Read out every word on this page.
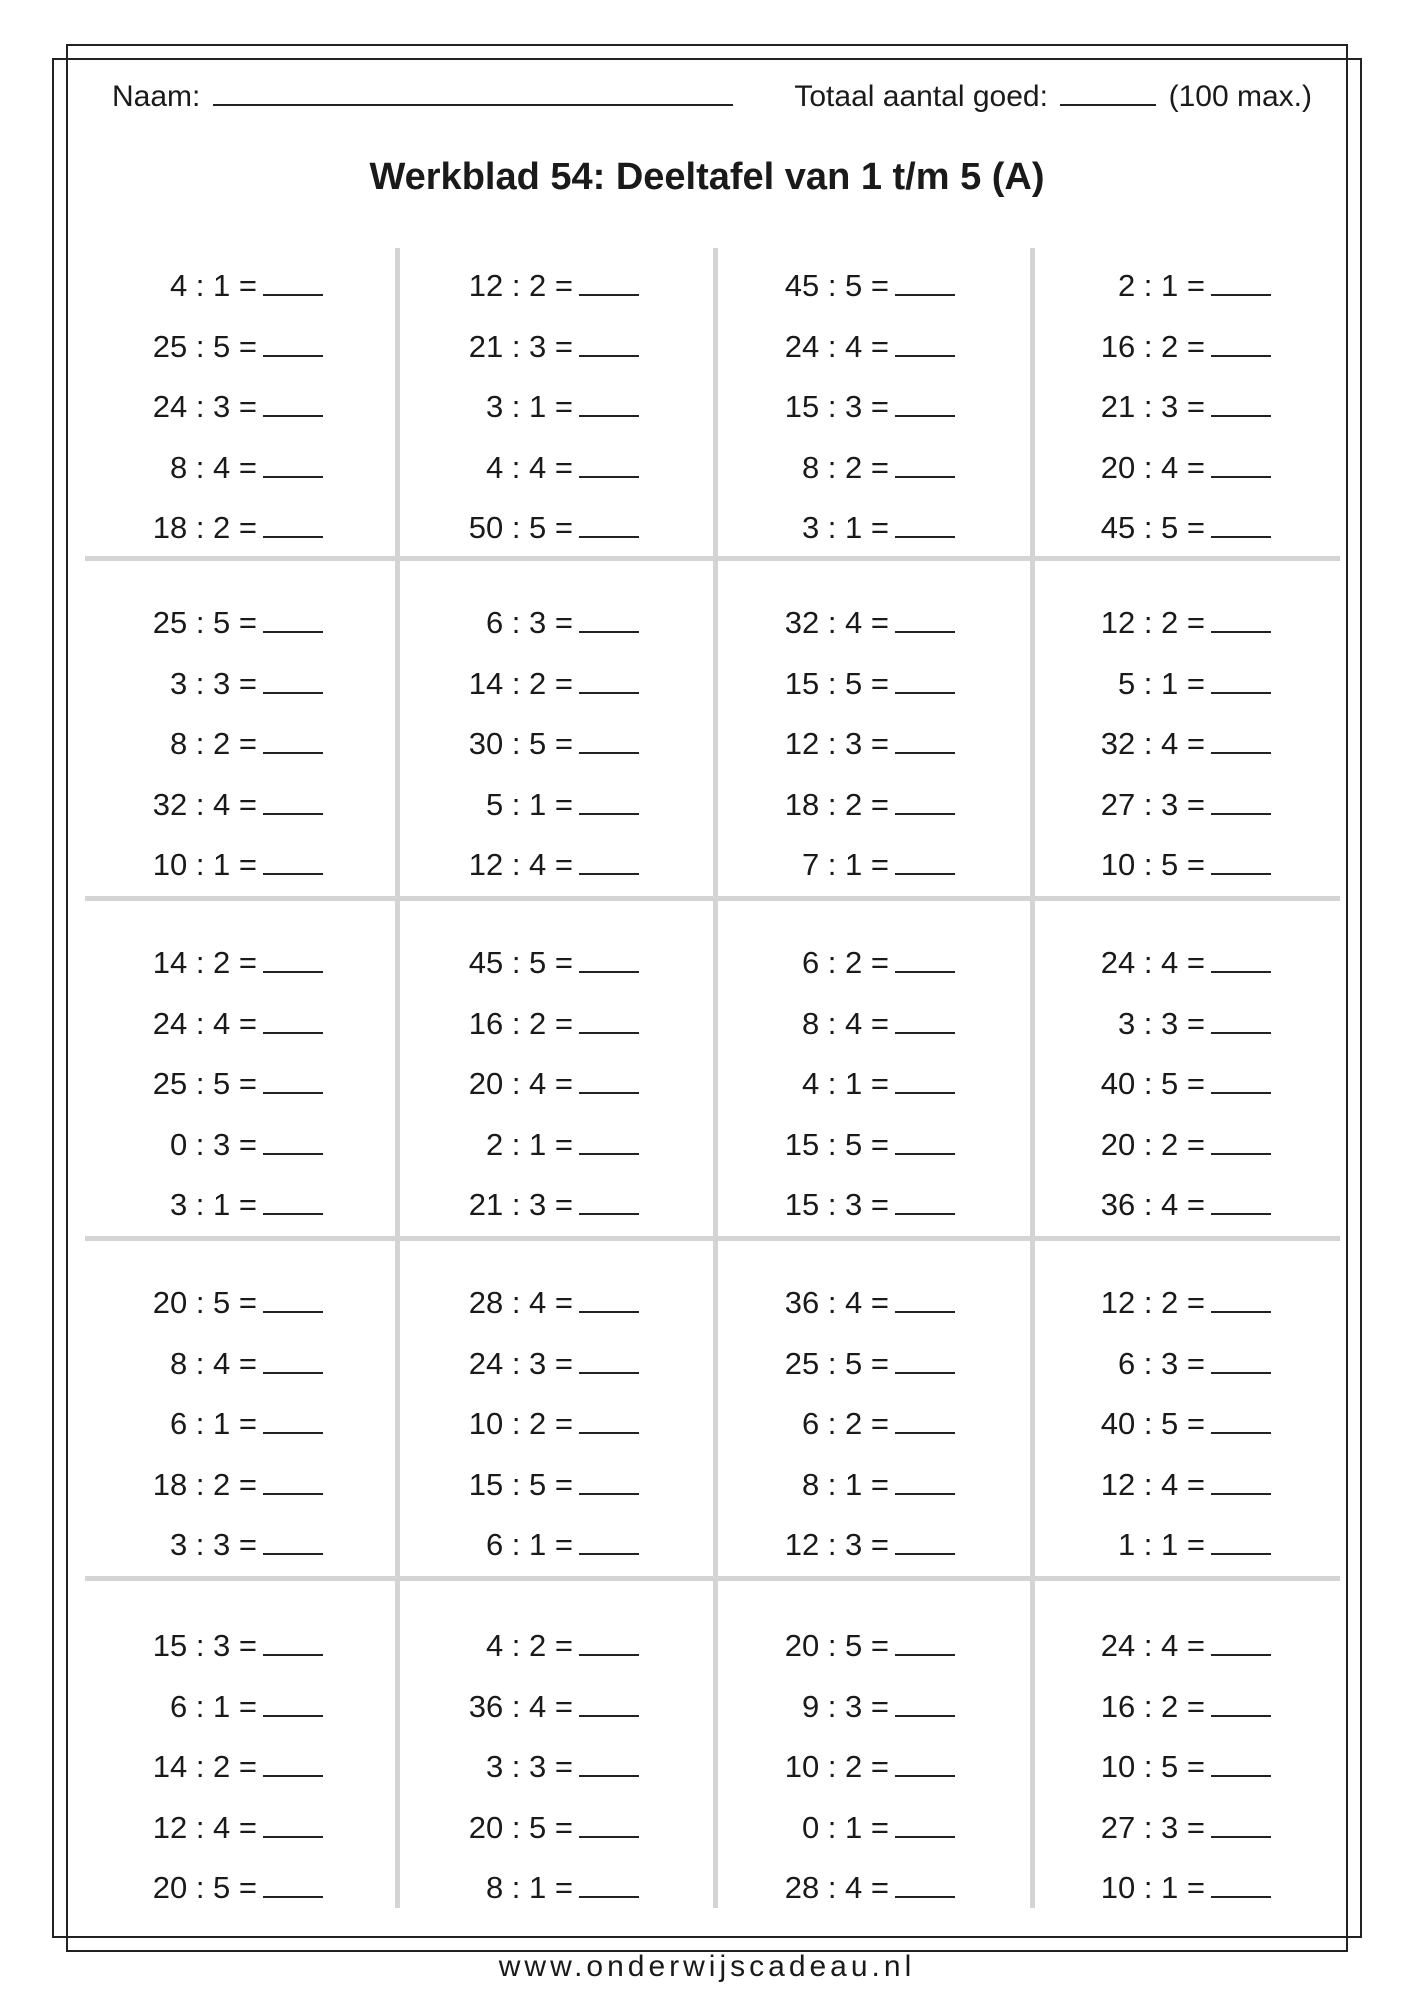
Naam:	Totaal aantal goed:	(100 max.)
Werkblad 54: Deeltafel van 1 t/m 5 (A)
4 : 1 =
25 : 5 =
24 : 3 =
8 : 4 =
18 : 2 =
12 : 2 =
21 : 3 =
3 : 1 =
4 : 4 =
50 : 5 =
45 : 5 =
24 : 4 =
15 : 3 =
8 : 2 =
3 : 1 =
2 : 1 =
16 : 2 =
21 : 3 =
20 : 4 =
45 : 5 =
25 : 5 =
3 : 3 =
8 : 2 =
32 : 4 =
10 : 1 =
6 : 3 =
14 : 2 =
30 : 5 =
5 : 1 =
12 : 4 =
32 : 4 =
15 : 5 =
12 : 3 =
18 : 2 =
7 : 1 =
12 : 2 =
5 : 1 =
32 : 4 =
27 : 3 =
10 : 5 =
14 : 2 =
24 : 4 =
25 : 5 =
0 : 3 =
3 : 1 =
45 : 5 =
16 : 2 =
20 : 4 =
2 : 1 =
21 : 3 =
6 : 2 =
8 : 4 =
4 : 1 =
15 : 5 =
15 : 3 =
24 : 4 =
3 : 3 =
40 : 5 =
20 : 2 =
36 : 4 =
20 : 5 =
8 : 4 =
6 : 1 =
18 : 2 =
3 : 3 =
28 : 4 =
24 : 3 =
10 : 2 =
15 : 5 =
6 : 1 =
36 : 4 =
25 : 5 =
6 : 2 =
8 : 1 =
12 : 3 =
12 : 2 =
6 : 3 =
40 : 5 =
12 : 4 =
1 : 1 =
15 : 3 =
6 : 1 =
14 : 2 =
12 : 4 =
20 : 5 =
4 : 2 =
36 : 4 =
3 : 3 =
20 : 5 =
8 : 1 =
20 : 5 =
9 : 3 =
10 : 2 =
0 : 1 =
28 : 4 =
24 : 4 =
16 : 2 =
10 : 5 =
27 : 3 =
10 : 1 =
www.onderwijscadeau.nl
